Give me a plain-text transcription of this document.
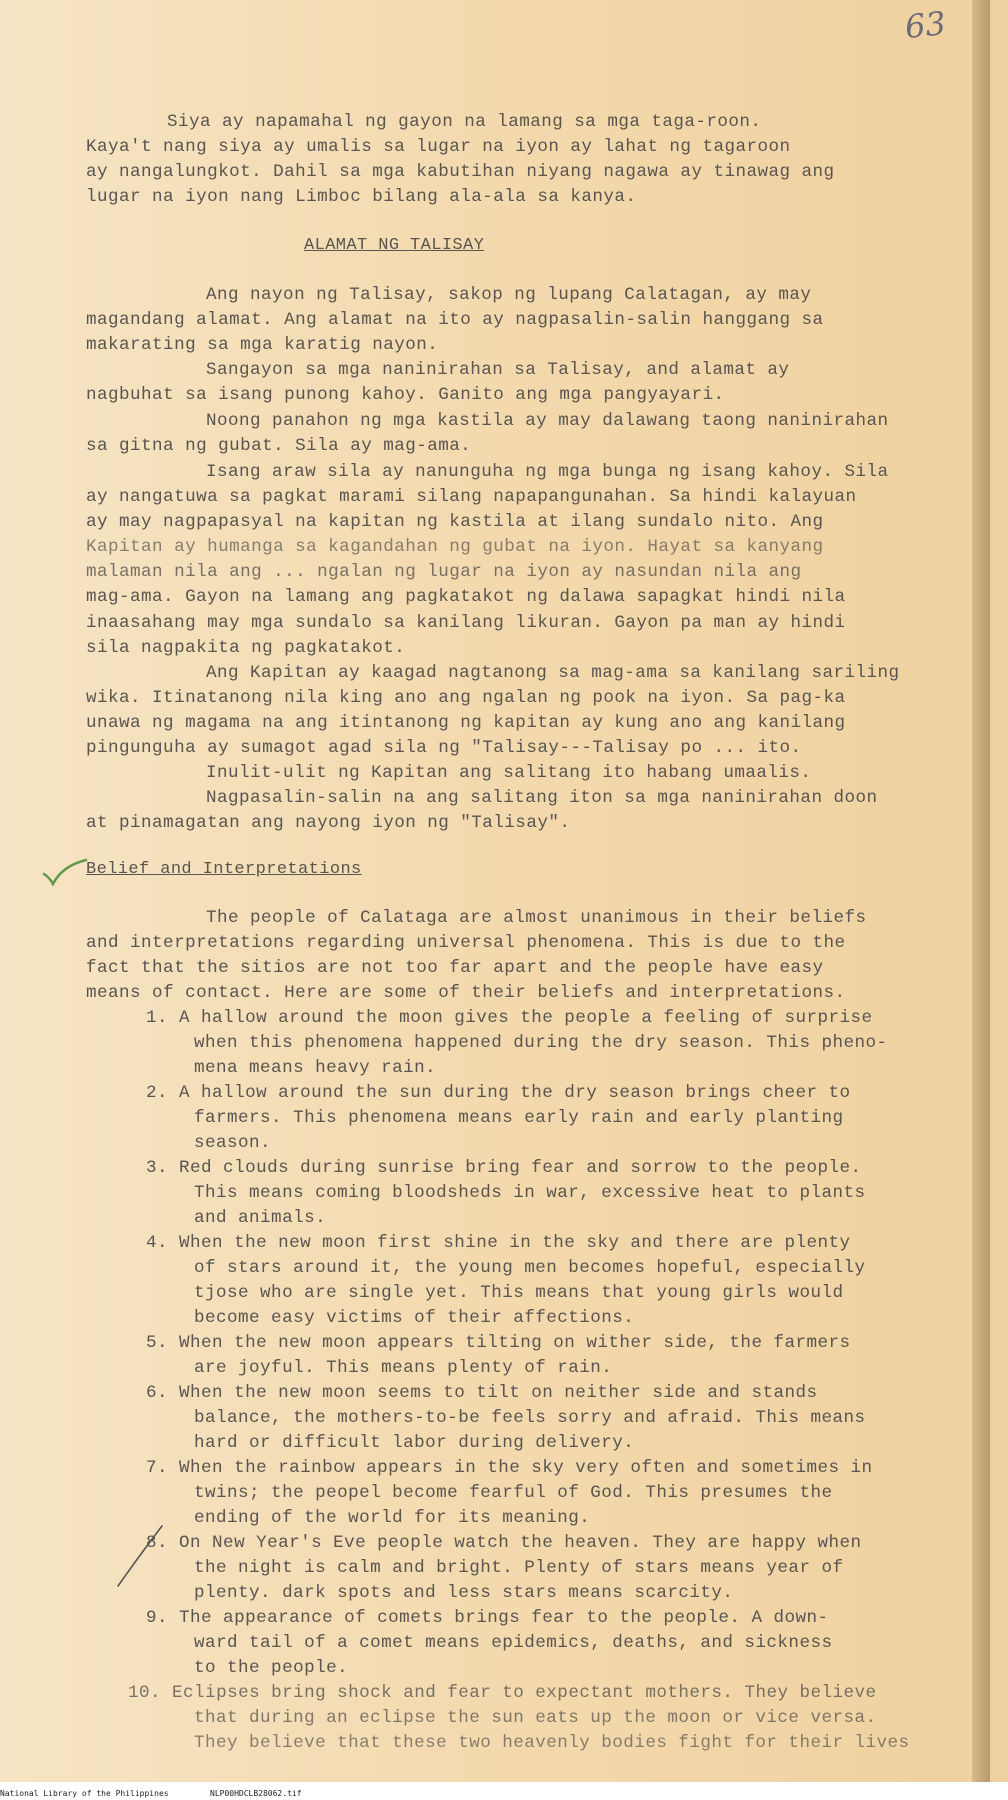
63
Siya ay napamahal ng gayon na lamang sa mga taga-roon.
Kaya't nang siya ay umalis sa lugar na iyon ay lahat ng tagaroon
ay nangalungkot. Dahil sa mga kabutihan niyang nagawa ay tinawag ang
lugar na iyon nang Limboc bilang ala-ala sa kanya.
ALAMAT NG TALISAY
Ang nayon ng Talisay, sakop ng lupang Calatagan, ay may
magandang alamat. Ang alamat na ito ay nagpasalin-salin hanggang sa
makarating sa mga karatig nayon.
Sangayon sa mga naninirahan sa Talisay, and alamat ay
nagbuhat sa isang punong kahoy. Ganito ang mga pangyayari.
Noong panahon ng mga kastila ay may dalawang taong naninirahan
sa gitna ng gubat. Sila ay mag-ama.
Isang araw sila ay nanunguha ng mga bunga ng isang kahoy. Sila
ay nangatuwa sa pagkat marami silang napapangunahan. Sa hindi kalayuan
ay may nagpapasyal na kapitan ng kastila at ilang sundalo nito. Ang
Kapitan ay humanga sa kagandahan ng gubat na iyon. Hayat sa kanyang
malaman nila ang ... ngalan ng lugar na iyon ay nasundan nila ang
mag-ama. Gayon na lamang ang pagkatakot ng dalawa sapagkat hindi nila
inaasahang may mga sundalo sa kanilang likuran. Gayon pa man ay hindi
sila nagpakita ng pagkatakot.
Ang Kapitan ay kaagad nagtanong sa mag-ama sa kanilang sariling
wika. Itinatanong nila king ano ang ngalan ng pook na iyon. Sa pag-ka
unawa ng magama na ang itintanong ng kapitan ay kung ano ang kanilang
pingunguha ay sumagot agad sila ng "Talisay---Talisay po ... ito.
Inulit-ulit ng Kapitan ang salitang ito habang umaalis.
Nagpasalin-salin na ang salitang iton sa mga naninirahan doon
at pinamagatan ang nayong iyon ng "Talisay".
Belief and Interpretations
The people of Calataga are almost unanimous in their beliefs
and interpretations regarding universal phenomena. This is due to the
fact that the sitios are not too far apart and the people have easy
means of contact. Here are some of their beliefs and interpretations.
1. A hallow around the moon gives the people a feeling of surprise
when this phenomena happened during the dry season. This pheno-
mena means heavy rain.
2. A hallow around the sun during the dry season brings cheer to
farmers. This phenomena means early rain and early planting
season.
3. Red clouds during sunrise bring fear and sorrow to the people.
This means coming bloodsheds in war, excessive heat to plants
and animals.
4. When the new moon first shine in the sky and there are plenty
of stars around it, the young men becomes hopeful, especially
tjose who are single yet. This means that young girls would
become easy victims of their affections.
5. When the new moon appears tilting on wither side, the farmers
are joyful. This means plenty of rain.
6. When the new moon seems to tilt on neither side and stands
balance, the mothers-to-be feels sorry and afraid. This means
hard or difficult labor during delivery.
7. When the rainbow appears in the sky very often and sometimes in
twins; the peopel become fearful of God. This presumes the
ending of the world for its meaning.
8. On New Year's Eve people watch the heaven. They are happy when
the night is calm and bright. Plenty of stars means year of
plenty. dark spots and less stars means scarcity.
9. The appearance of comets brings fear to the people. A down-
ward tail of a comet means epidemics, deaths, and sickness
to the people.
10. Eclipses bring shock and fear to expectant mothers. They believe
that during an eclipse the sun eats up the moon or vice versa.
They believe that these two heavenly bodies fight for their lives
National Library of the Philippines	NLP00HDCLB28062.tif
